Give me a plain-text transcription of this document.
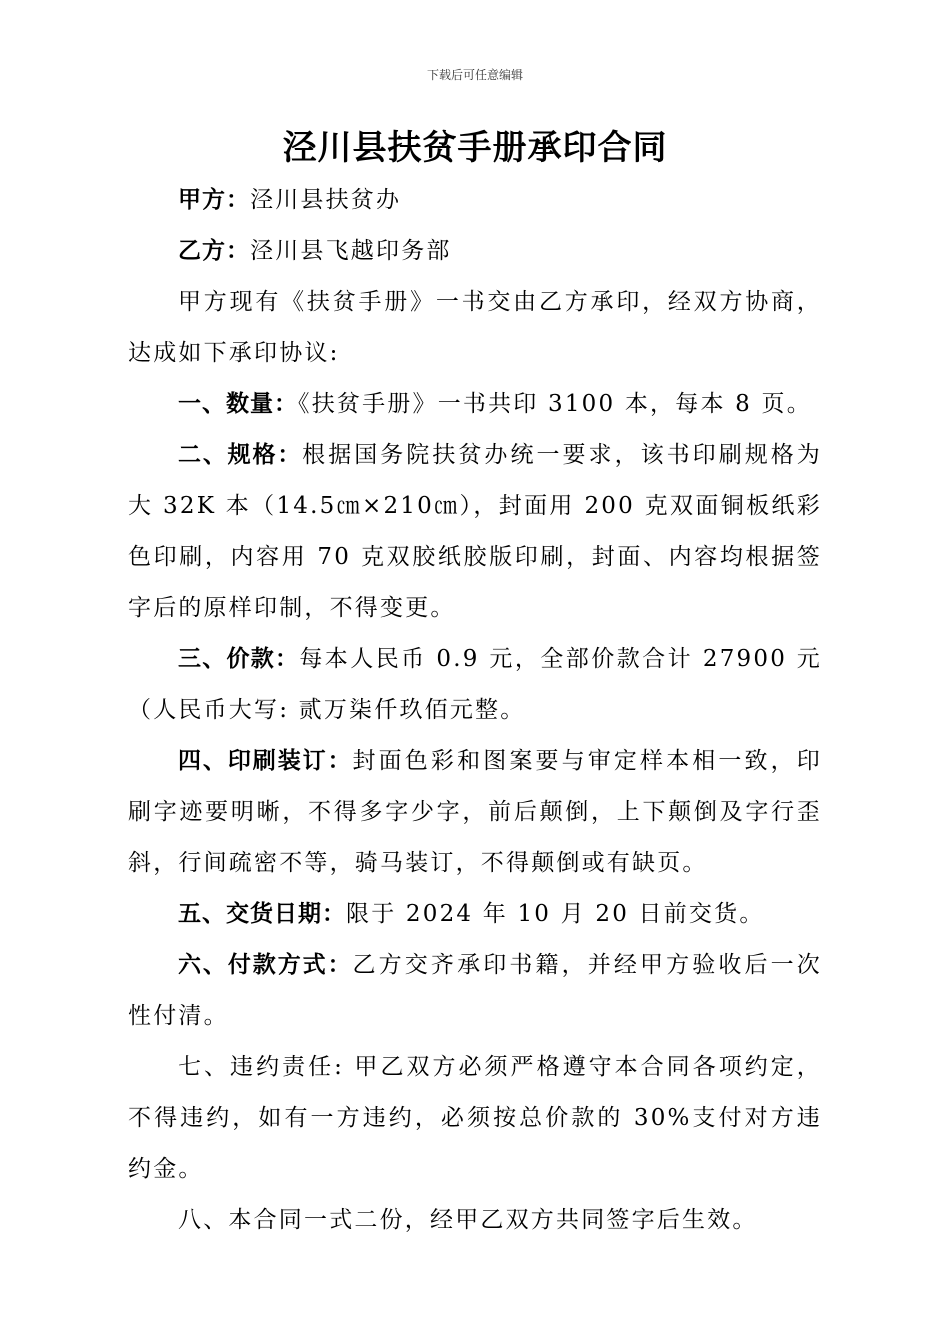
下载后可任意编辑
泾川县扶贫手册承印合同

甲方：泾川县扶贫办

乙方：泾川县飞越印务部

甲方现有《扶贫手册》一书交由乙方承印，经双方协商，达成如下承印协议:

一、数量：《扶贫手册》一书共印 3100 本，每本 8 页。

二、规格：根据国务院扶贫办统一要求，该书印刷规格为大 32K 本（14.5㎝×210㎝），封面用 200 克双面铜板纸彩色印刷，内容用 70 克双胶纸胶版印刷，封面、内容均根据签字后的原样印制，不得变更。

三、价款：每本人民币 0.9 元，全部价款合计 27900 元（人民币大写: 贰万柒仟玖佰元整。

四、印刷装订：封面色彩和图案要与审定样本相一致，印刷字迹要明晰，不得多字少字，前后颠倒，上下颠倒及字行歪斜，行间疏密不等，骑马装订，不得颠倒或有缺页。

五、交货日期：限于 2024 年 10 月 20 日前交货。

六、付款方式：乙方交齐承印书籍，并经甲方验收后一次性付清。

七、违约责任: 甲乙双方必须严格遵守本合同各项约定，不得违约，如有一方违约，必须按总价款的 30%支付对方违约金。

八、本合同一式二份，经甲乙双方共同签字后生效。
